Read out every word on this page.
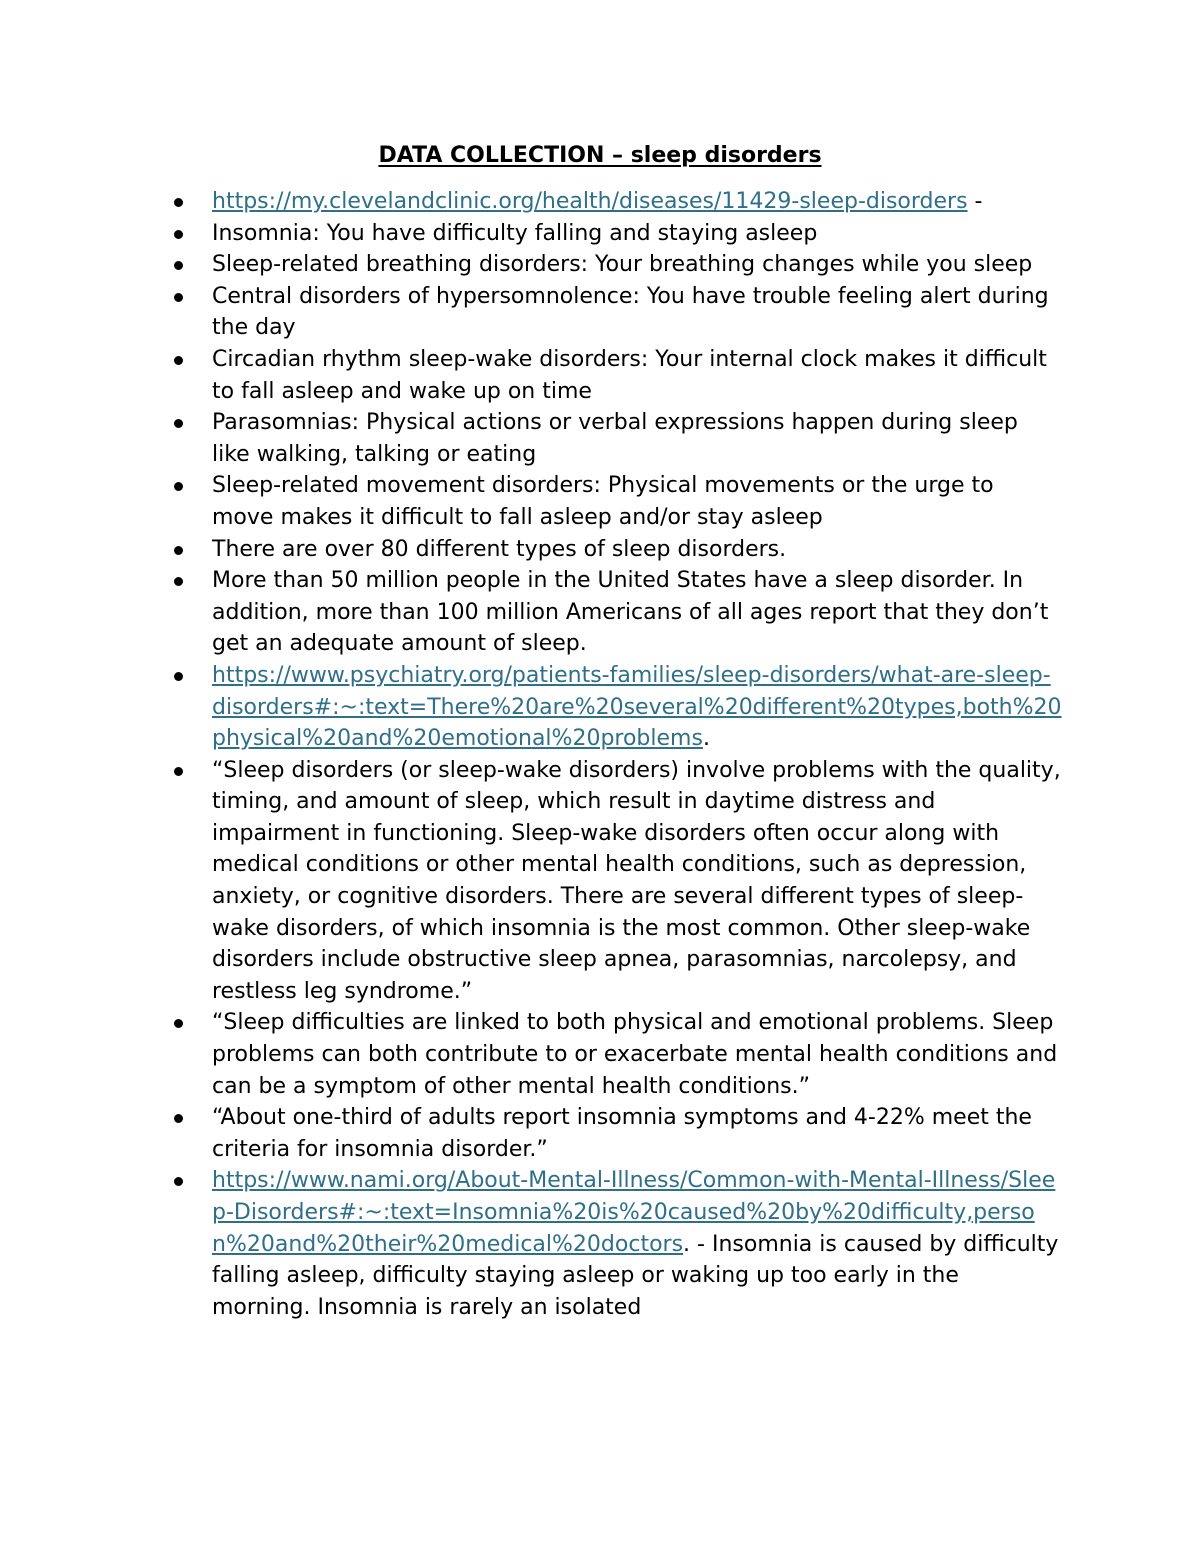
DATA COLLECTION – sleep disorders
https://my.clevelandclinic.org/health/diseases/11429-sleep-disorders -
Insomnia: You have difficulty falling and staying asleep
Sleep-related breathing disorders: Your breathing changes while you sleep
Central disorders of hypersomnolence: You have trouble feeling alert during the day
Circadian rhythm sleep-wake disorders: Your internal clock makes it difficult to fall asleep and wake up on time
Parasomnias: Physical actions or verbal expressions happen during sleep like walking, talking or eating
Sleep-related movement disorders: Physical movements or the urge to move makes it difficult to fall asleep and/or stay asleep
There are over 80 different types of sleep disorders.
More than 50 million people in the United States have a sleep disorder. In addition, more than 100 million Americans of all ages report that they don’t get an adequate amount of sleep.
https://www.psychiatry.org/patients-families/sleep-disorders/what-are-sleep-disorders#:~:text=There%20are%20several%20different%20types,both%20physical%20and%20emotional%20problems.
“Sleep disorders (or sleep-wake disorders) involve problems with the quality, timing, and amount of sleep, which result in daytime distress and impairment in functioning. Sleep-wake disorders often occur along with medical conditions or other mental health conditions, such as depression, anxiety, or cognitive disorders. There are several different types of sleep-wake disorders, of which insomnia is the most common. Other sleep-wake disorders include obstructive sleep apnea, parasomnias, narcolepsy, and restless leg syndrome.”
“Sleep difficulties are linked to both physical and emotional problems. Sleep problems can both contribute to or exacerbate mental health conditions and can be a symptom of other mental health conditions.”
“About one-third of adults report insomnia symptoms and 4-22% meet the criteria for insomnia disorder.”
https://www.nami.org/About-Mental-Illness/Common-with-Mental-Illness/Sleep-Disorders#:~:text=Insomnia%20is%20caused%20by%20difficulty,person%20and%20their%20medical%20doctors. - Insomnia is caused by difficulty falling asleep, difficulty staying asleep or waking up too early in the morning. Insomnia is rarely an isolated
